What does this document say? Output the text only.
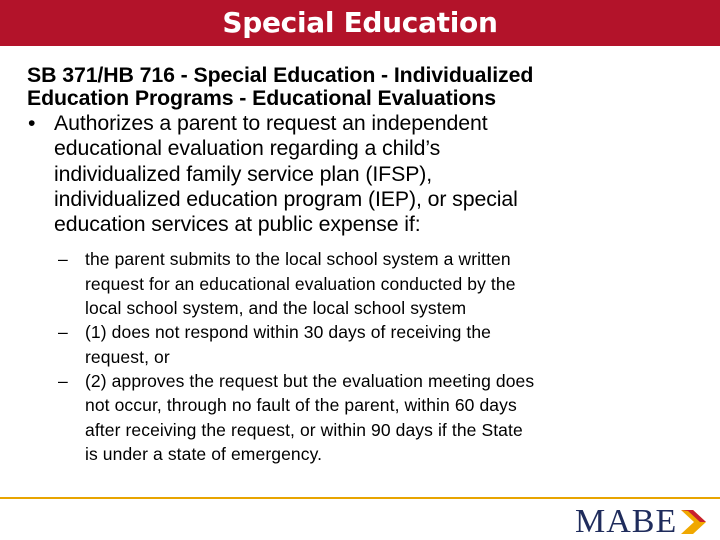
Special Education
SB 371/HB 716 - Special Education - Individualized
Education Programs - Educational Evaluations
• Authorizes a parent to request an independent
educational evaluation regarding a child’s
individualized family service plan (IFSP),
individualized education program (IEP), or special
education services at public expense if:
– the parent submits to the local school system a written
request for an educational evaluation conducted by the
local school system, and the local school system
– (1) does not respond within 30 days of receiving the
request, or
– (2) approves the request but the evaluation meeting does
not occur, through no fault of the parent, within 60 days
after receiving the request, or within 90 days if the State
is under a state of emergency.
MABE
